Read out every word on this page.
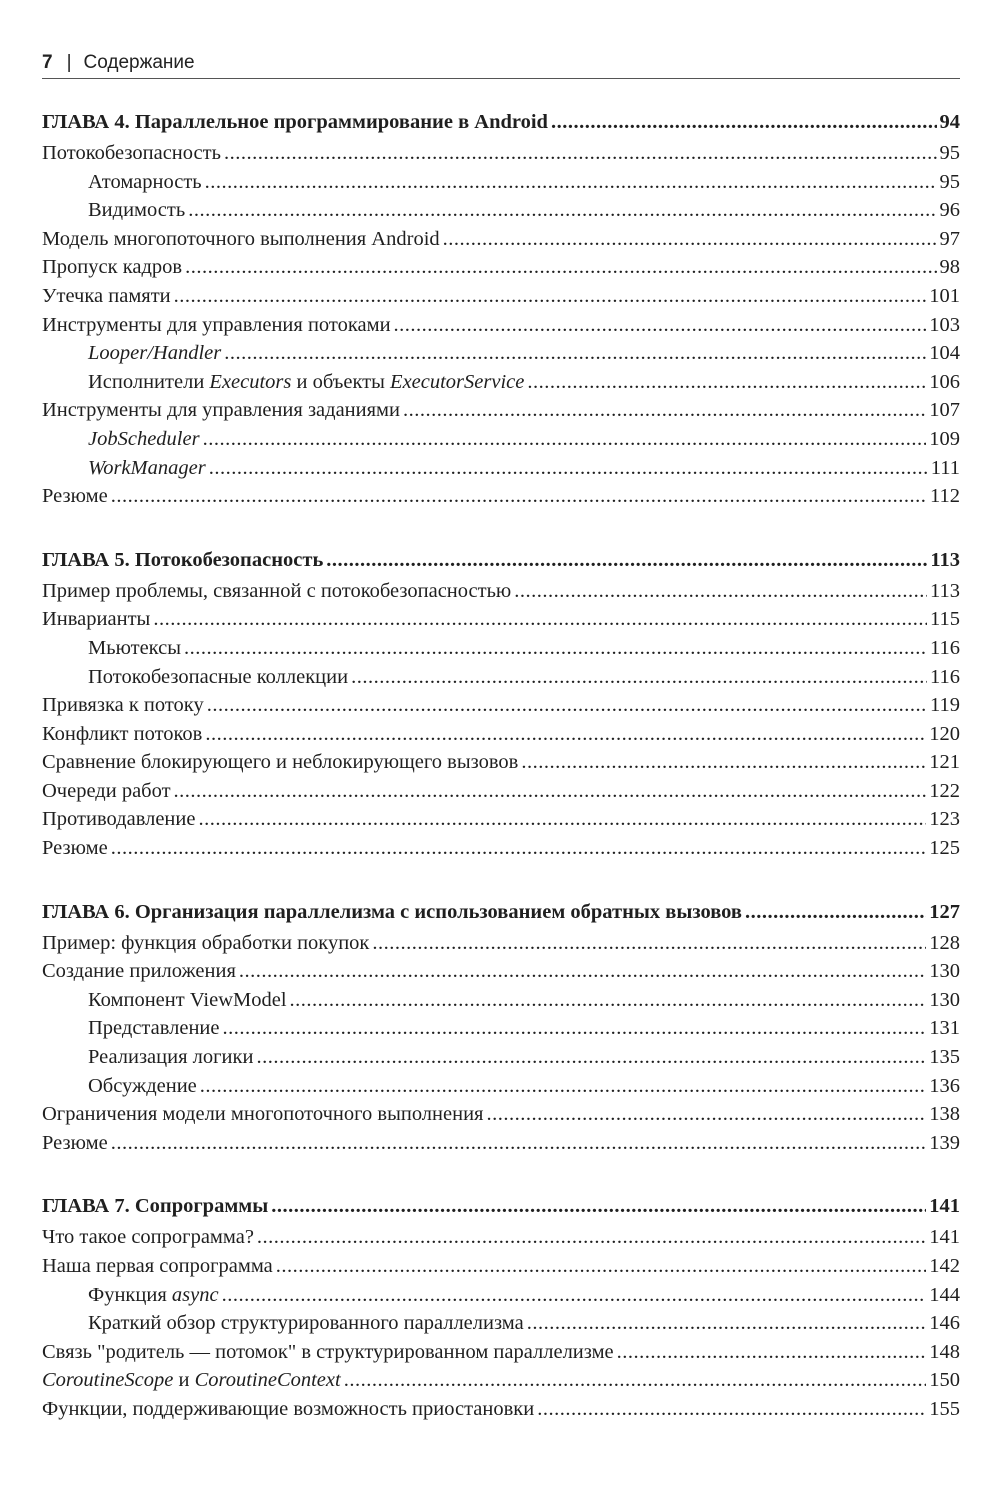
7 | Содержание
ГЛАВА 4. Параллельное программирование в Android .....	94
Потокобезопасность .....	95
Атомарность .....	95
Видимость .....	96
Модель многопоточного выполнения Android .....	97
Пропуск кадров .....	98
Утечка памяти .....	101
Инструменты для управления потоками .....	103
Looper/Handler .....	104
Исполнители Executors и объекты ExecutorService .....	106
Инструменты для управления заданиями .....	107
JobScheduler .....	109
WorkManager .....	111
Резюме .....	112
ГЛАВА 5. Потокобезопасность .....	113
Пример проблемы, связанной с потокобезопасностью .....	113
Инварианты .....	115
Мьютексы .....	116
Потокобезопасные коллекции .....	116
Привязка к потоку .....	119
Конфликт потоков .....	120
Сравнение блокирующего и неблокирующего вызовов .....	121
Очереди работ .....	122
Противодавление .....	123
Резюме .....	125
ГЛАВА 6. Организация параллелизма с использованием обратных вызовов .....	127
Пример: функция обработки покупок .....	128
Создание приложения .....	130
Компонент ViewModel .....	130
Представление .....	131
Реализация логики .....	135
Обсуждение .....	136
Ограничения модели многопоточного выполнения .....	138
Резюме .....	139
ГЛАВА 7. Сопрограммы .....	141
Что такое сопрограмма? .....	141
Наша первая сопрограмма .....	142
Функция async .....	144
Краткий обзор структурированного параллелизма .....	146
Связь "родитель — потомок" в структурированном параллелизме .....	148
CoroutineScope и CoroutineContext .....	150
Функции, поддерживающие возможность приостановки .....	155
